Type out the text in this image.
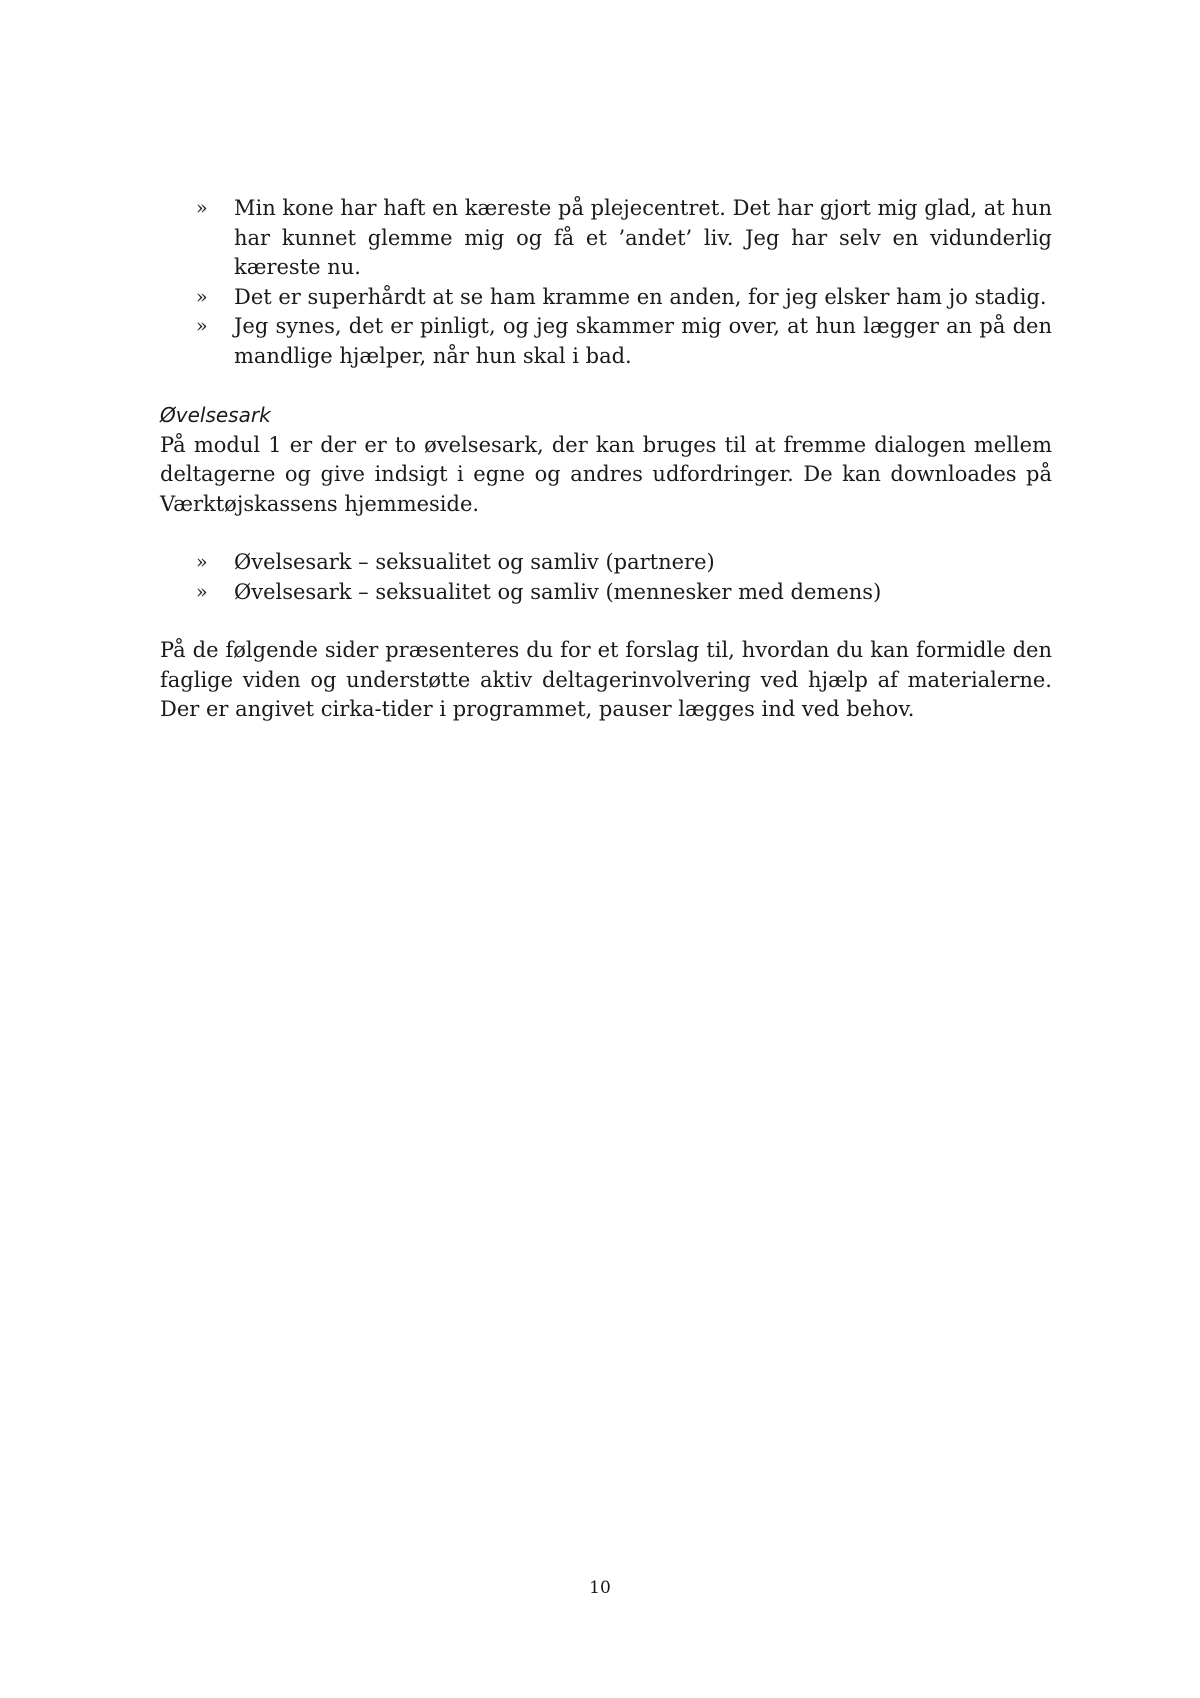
» Min kone har haft en kæreste på plejecentret. Det har gjort mig glad, at hun har kunnet glemme mig og få et ’andet’ liv. Jeg har selv en vidunderlig kæreste nu.
» Det er superhårdt at se ham kramme en anden, for jeg elsker ham jo stadig.
» Jeg synes, det er pinligt, og jeg skammer mig over, at hun lægger an på den mandlige hjælper, når hun skal i bad.
Øvelsesark

På modul 1 er der er to øvelsesark, der kan bruges til at fremme dialogen mellem deltagerne og give indsigt i egne og andres udfordringer. De kan downloades på Værktøjskassens hjemmeside.

» Øvelsesark – seksualitet og samliv (partnere)
» Øvelsesark – seksualitet og samliv (mennesker med demens)

På de følgende sider præsenteres du for et forslag til, hvordan du kan formidle den faglige viden og understøtte aktiv deltagerinvolvering ved hjælp af materialerne. Der er angivet cirka-tider i programmet, pauser lægges ind ved behov.

10
